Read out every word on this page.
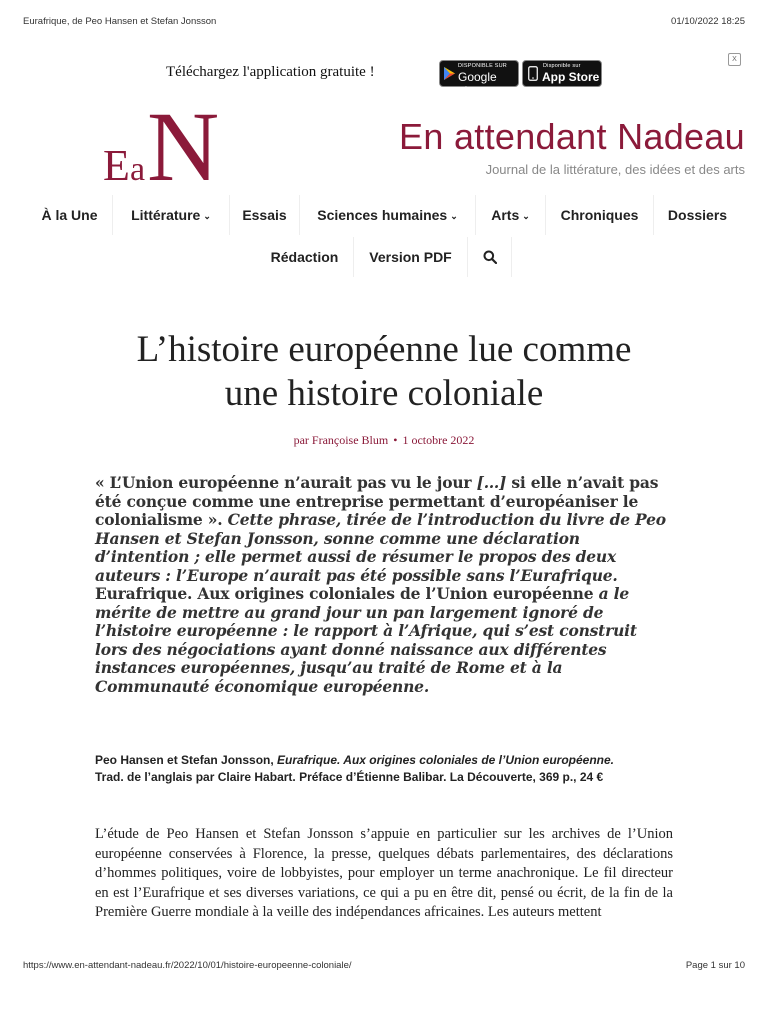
Eurafrique, de Peo Hansen et Stefan Jonsson	01/10/2022 18:25
Téléchargez l'application gratuite !	DISPONIBLE SUR
Google play
Disponible sur
App Store
X
E a N	En attendant Nadeau
Journal de la littérature, des idées et des arts
À la Une	Littérature ⌄	Essais	Sciences humaines ⌄	Arts ⌄	Chroniques	Dossiers
Rédaction	Version PDF
L’histoire européenne lue comme
une histoire coloniale
par Françoise Blum • 1 octobre 2022
« L’Union européenne n’aurait pas vu le jour […] si elle n’avait pas été conçue comme une entreprise permettant d’européaniser le colonialisme ». Cette phrase, tirée de l’introduction du livre de Peo Hansen et Stefan Jonsson, sonne comme une déclaration d’intention ; elle permet aussi de résumer le propos des deux auteurs : l’Europe n’aurait pas été possible sans l’Eurafrique. Eurafrique. Aux origines coloniales de l’Union européenne a le mérite de mettre au grand jour un pan largement ignoré de l’histoire européenne : le rapport à l’Afrique, qui s’est construit lors des négociations ayant donné naissance aux différentes instances européennes, jusqu’au traité de Rome et à la Communauté économique européenne.
Peo Hansen et Stefan Jonsson, Eurafrique. Aux origines coloniales de l’Union européenne.
Trad. de l’anglais par Claire Habart. Préface d’Étienne Balibar. La Découverte, 369 p., 24 €
L’étude de Peo Hansen et Stefan Jonsson s’appuie en particulier sur les archives de l’Union européenne conservées à Florence, la presse, quelques débats parlementaires, des déclarations d’hommes politiques, voire de lobbyistes, pour employer un terme anachronique. Le fil directeur en est l’Eurafrique et ses diverses variations, ce qui a pu en être dit, pensé ou écrit, de la fin de la Première Guerre mondiale à la veille des indépendances africaines. Les auteurs mettent
https://www.en-attendant-nadeau.fr/2022/10/01/histoire-europeenne-coloniale/	Page 1 sur 10
